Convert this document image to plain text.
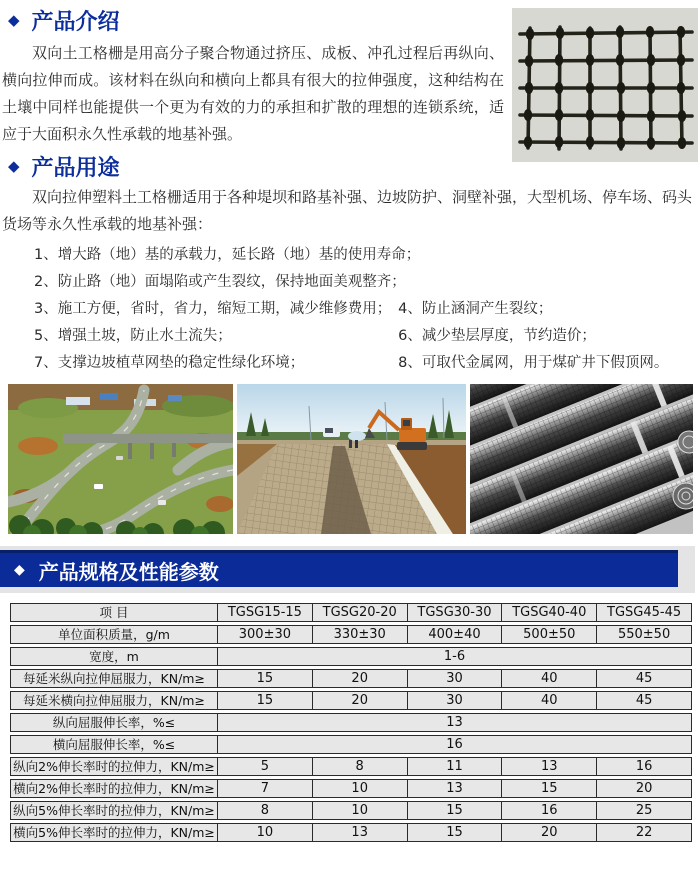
◆ 产品介绍

双向土工格栅是用高分子聚合物通过挤压、成板、冲孔过程后再纵向、横向拉伸而成。该材料在纵向和横向上都具有很大的拉伸强度，这种结构在土壤中同样也能提供一个更为有效的力的承担和扩散的理想的连锁系统，适应于大面积永久性承载的地基补强。

◆ 产品用途

双向拉伸塑料土工格栅适用于各种堤坝和路基补强、边坡防护、洞壁补强，大型机场、停车场、码头货场等永久性承载的地基补强：

1、增大路（地）基的承载力，延长路（地）基的使用寿命；
2、防止路（地）面塌陷或产生裂纹，保持地面美观整齐；
3、施工方便，省时，省力，缩短工期，减少维修费用； 4、防止涵洞产生裂纹；
5、增强土坡，防止水土流失；	6、减少垫层厚度，节约造价；
7、支撑边坡植草网垫的稳定性绿化环境；	8、可取代金属网，用于煤矿井下假顶网。
◆ 产品规格及性能参数
项 目	TGSG15-15	TGSG20-20	TGSG30-30	TGSG40-40	TGSG45-45
单位面积质量，g/m	300±30	330±30	400±40	500±50	550±50
宽度，m	1-6				
每延米纵向拉伸屈服力，KN/m≥	15	20	30	40	45
每延米横向拉伸屈服力，KN/m≥	15	20	30	40	45
纵向屈服伸长率，%≤	13				
横向屈服伸长率，%≤	16				
纵向2%伸长率时的拉伸力，KN/m≥	5	8	11	13	16
横向2%伸长率时的拉伸力，KN/m≥	7	10	13	15	20
纵向5%伸长率时的拉伸力，KN/m≥	8	10	15	16	25
横向5%伸长率时的拉伸力，KN/m≥	10	13	15	20	22
